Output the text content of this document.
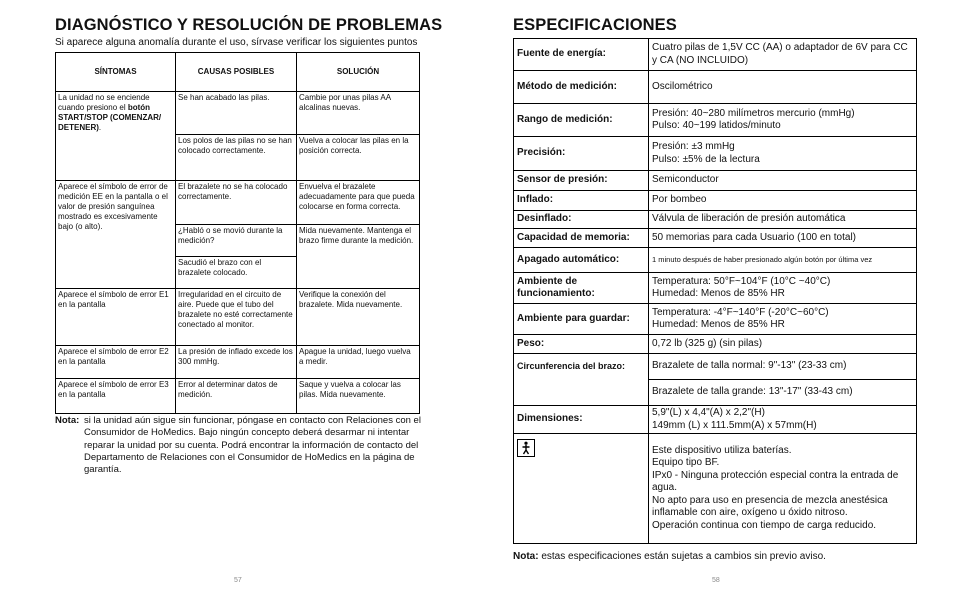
DIAGNÓSTICO Y RESOLUCIÓN DE PROBLEMAS
Si aparece alguna anomalía durante el uso, sírvase verificar los siguientes puntos
SÍNTOMAS	CAUSAS POSIBLES	SOLUCIÓN
La unidad no se enciende cuando presiono el botón START/STOP (COMENZAR/ DETENER).	Se han acabado las pilas.	Cambie por unas pilas AA alcalinas nuevas.
	Los polos de las pilas no se han colocado correctamente.	Vuelva a colocar las pilas en la posición correcta.
Aparece el símbolo de error de medición EE en la pantalla o el valor de presión sanguínea mostrado es excesivamente bajo (o alto).	El brazalete no se ha colocado correctamente.	Envuelva el brazalete adecuadamente para que pueda colocarse en forma correcta.
	¿Habló o se movió durante la medición?	Mida nuevamente. Mantenga el brazo firme durante la medición.
	Sacudió el brazo con el brazalete colocado.	
Aparece el símbolo de error E1 en la pantalla	Irregularidad en el circuito de aire. Puede que el tubo del brazalete no esté correctamente conectado al monitor.	Verifique la conexión del brazalete. Mida nuevamente.
Aparece el símbolo de error E2 en la pantalla	La presión de inflado excede los 300 mmHg.	Apague la unidad, luego vuelva a medir.
Aparece el símbolo de error E3 en la pantalla	Error al determinar datos de medición.	Saque y vuelva a colocar las pilas. Mida nuevamente.
Nota: si la unidad aún sigue sin funcionar, póngase en contacto con Relaciones con el Consumidor de HoMedics. Bajo ningún concepto deberá desarmar ni intentar reparar la unidad por su cuenta. Podrá encontrar la información de contacto del Departamento de Relaciones con el Consumidor de HoMedics en la página de garantía.
57
ESPECIFICACIONES
Fuente de energía:	Cuatro pilas de 1,5V CC (AA) o adaptador de 6V para CC y CA (NO INCLUIDO)

Método de medición:	Oscilométrico

Rango de medición:	Presión: 40~280 milímetros mercurio (mmHg)
Pulso: 40~199 latidos/minuto

Precisión:	Presión: ±3 mmHg
Pulso: ±5% de la lectura

Sensor de presión:	Semiconductor

Inflado:	Por bombeo

Desinflado:	Válvula de liberación de presión automática

Capacidad de memoria:	50 memorias para cada Usuario (100 en total)

Apagado automático:	1 minuto después de haber presionado algún botón por última vez

Ambiente de funcionamiento:	Temperatura: 50°F~104°F (10°C ~40°C)
Humedad: Menos de 85% HR

Ambiente para guardar:	Temperatura: -4°F~140°F (-20°C~60°C)
Humedad: Menos de 85% HR

Peso:	0,72 lb (325 g) (sin pilas)

Circunferencia del brazo:	Brazalete de talla normal: 9"-13" (23-33 cm)

	Brazalete de talla grande: 13"-17" (33-43 cm)

Dimensiones:	5,9"(L) x 4,4"(A) x 2,2"(H)
149mm (L) x 111.5mm(A) x 57mm(H)

Este dispositivo utiliza baterías.
Equipo tipo BF.
IPx0 - Ninguna protección especial contra la entrada de agua.
No apto para uso en presencia de mezcla anestésica inflamable con aire, oxígeno u óxido nitroso.
Operación continua con tiempo de carga reducido.
Nota: estas especificaciones están sujetas a cambios sin previo aviso.
58
